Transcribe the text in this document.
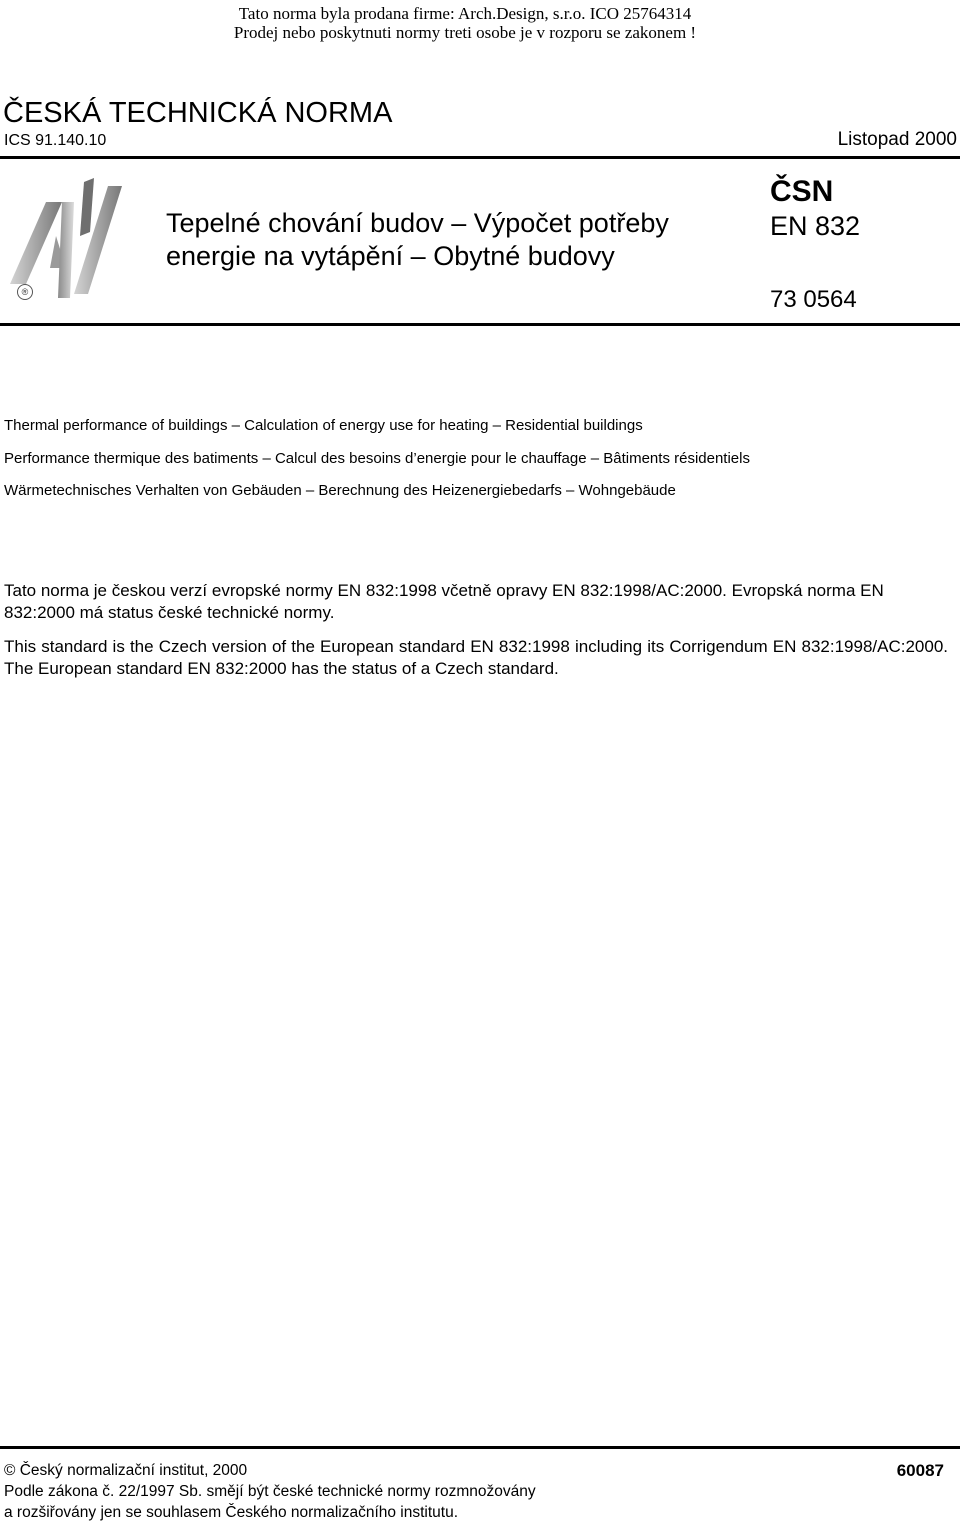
Tato norma byla prodana firme: Arch.Design, s.r.o. ICO 25764314
Prodej nebo poskytnuti normy treti osobe je v rozporu se zakonem !
ČESKÁ TECHNICKÁ NORMA
ICS 91.140.10	Listopad 2000
®
Tepelné chování budov – Výpočet potřeby
energie na vytápění – Obytné budovy
ČSN
EN 832
73 0564
Thermal performance of buildings – Calculation of energy use for heating – Residential buildings
Performance thermique des batiments – Calcul des besoins d’energie pour le chauffage – Bâtiments résidentiels
Wärmetechnisches Verhalten von Gebäuden – Berechnung des Heizenergiebedarfs – Wohngebäude
Tato norma je českou verzí evropské normy EN 832:1998 včetně opravy EN 832:1998/AC:2000. Evropská norma EN 832:2000 má status české technické normy.
This standard is the Czech version of the European standard EN 832:1998 including its Corrigendum EN 832:1998/AC:2000. The European standard EN 832:2000 has the status of a Czech standard.
© Český normalizační institut, 2000	60087
Podle zákona č. 22/1997 Sb. smějí být české technické normy rozmnožovány
a rozšiřovány jen se souhlasem Českého normalizačního institutu.
